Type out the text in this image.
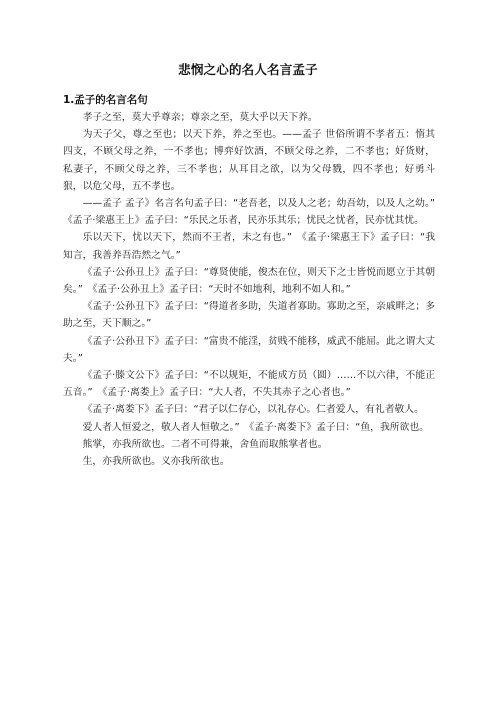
悲悯之心的名人名言孟子
1.孟子的名言名句

孝子之至，莫大乎尊亲；尊亲之至，莫大乎以天下养。

为天子父，尊之至也；以天下养，养之至也。——孟子 世俗所谓不孝者五：惰其四支，不顾父母之养，一不孝也；博弈好饮酒，不顾父母之养，二不孝也；好货财，私妻子，不顾父母之养，三不孝也；从耳目之欲，以为父母戮，四不孝也；好勇斗狠，以危父母，五不孝也。

——孟子 孟子》名言名句孟子曰：“老吾老，以及人之老；幼吾幼，以及人之幼。”　《孟子·梁惠王上》孟子曰：“乐民之乐者，民亦乐其乐；忧民之忧者，民亦忧其忧。

乐以天下，忧以天下，然而不王者，未之有也。”　《孟子·梁惠王下》孟子曰：“我知言，我善养吾浩然之气。”

《孟子·公孙丑上》孟子曰：“尊贤使能，俊杰在位，则天下之士皆悦而愿立于其朝矣。”　《孟子·公孙丑上》孟子曰：“天时不如地利，地利不如人和。”

《孟子·公孙丑下》孟子曰：“得道者多助，失道者寡助。寡助之至，亲戚畔之；多助之至，天下顺之。”

《孟子·公孙丑下》孟子曰：“富贵不能淫，贫贱不能移，威武不能屈。此之谓大丈夫。”

《孟子·滕文公下》孟子曰：“不以规矩，不能成方员（圆）……不以六律，不能正五音。”　《孟子·离娄上》孟子曰：“大人者，不失其赤子之心者也。”

《孟子·离娄下》孟子曰：“君子以仁存心，以礼存心。仁者爱人，有礼者敬人。

爱人者人恒爱之，敬人者人恒敬之。”　《孟子·离娄下》孟子曰：“鱼，我所欲也。

熊掌，亦我所欲也。二者不可得兼，舍鱼而取熊掌者也。

生，亦我所欲也。义亦我所欲也。
